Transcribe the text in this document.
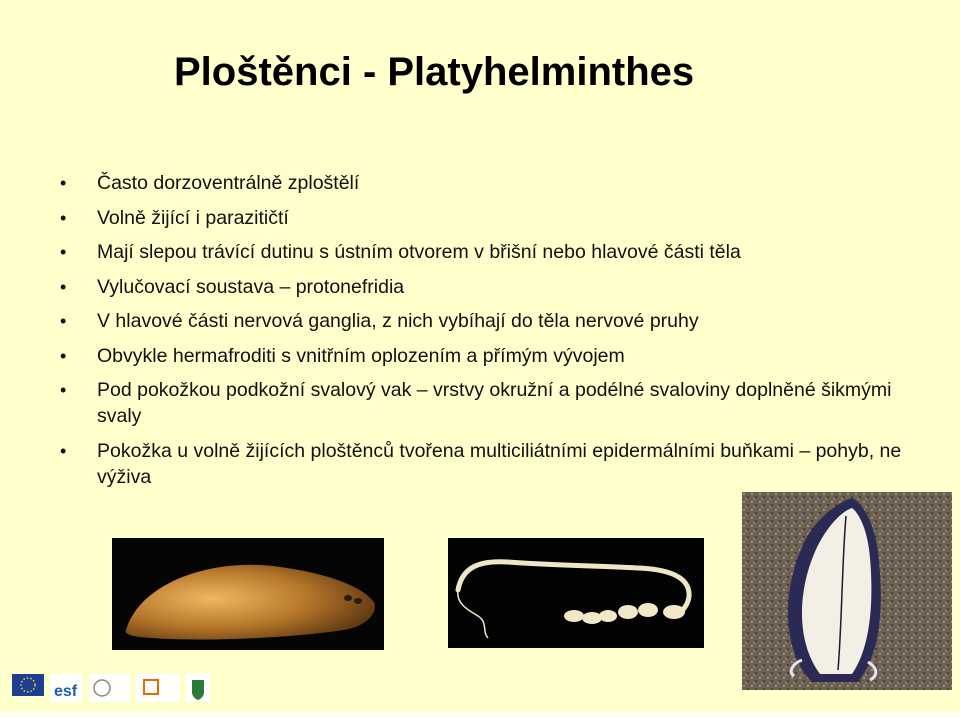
Ploštěnci - Platyhelminthes
• Často dorzoventrálně zploštělí
• Volně žijící i parazitičtí
• Mají slepou trávící dutinu s ústním otvorem v břišní nebo hlavové části těla
• Vylučovací soustava – protonefridia
• V hlavové části nervová ganglia, z nich vybíhají do těla nervové pruhy
• Obvykle hermafroditi s vnitřním oplozením a přímým vývojem
• Pod pokožkou podkožní svalový vak – vrstvy okružní a podélné svaloviny doplněné šikmými svaly
• Pokožka u volně žijících ploštěnců tvořena multiciliátními epidermálními buňkami – pohyb, ne výživa
esf
